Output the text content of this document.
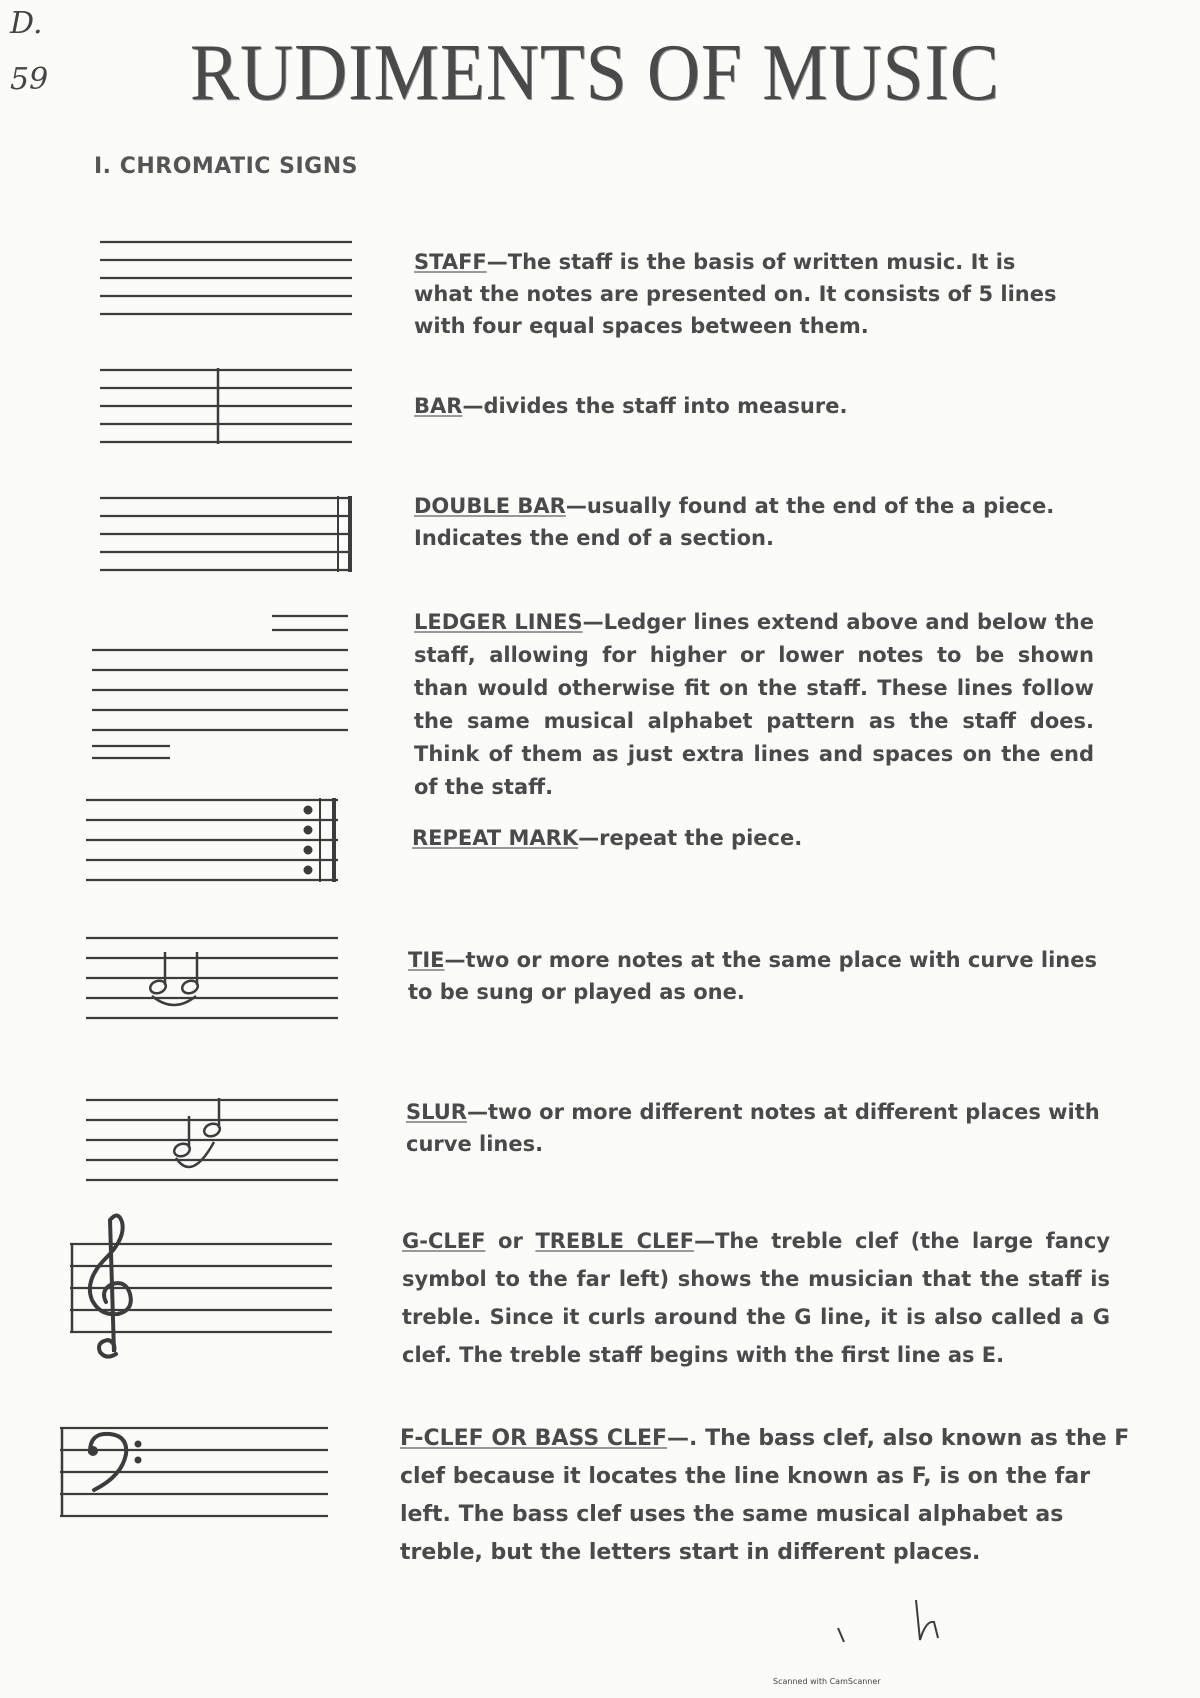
D.
59 RUDIMENTS OF MUSIC
I. CHROMATIC SIGNS
STAFF—The staff is the basis of written music. It is what the notes are presented on. It consists of 5 lines with four equal spaces between them.
BAR—divides the staff into measure.
DOUBLE BAR—usually found at the end of the a piece. Indicates the end of a section.
LEDGER LINES—Ledger lines extend above and below the staff, allowing for higher or lower notes to be shown than would otherwise fit on the staff. These lines follow the same musical alphabet pattern as the staff does. Think of them as just extra lines and spaces on the end of the staff.
REPEAT MARK—repeat the piece.
TIE—two or more notes at the same place with curve lines to be sung or played as one.
SLUR—two or more different notes at different places with curve lines.
G-CLEF or TREBLE CLEF—The treble clef (the large fancy symbol to the far left) shows the musician that the staff is treble. Since it curls around the G line, it is also called a G clef. The treble staff begins with the first line as E.
F-CLEF OR BASS CLEF—. The bass clef, also known as the F clef because it locates the line known as F, is on the far left. The bass clef uses the same musical alphabet as treble, but the letters start in different places.
Scanned with CamScanner
